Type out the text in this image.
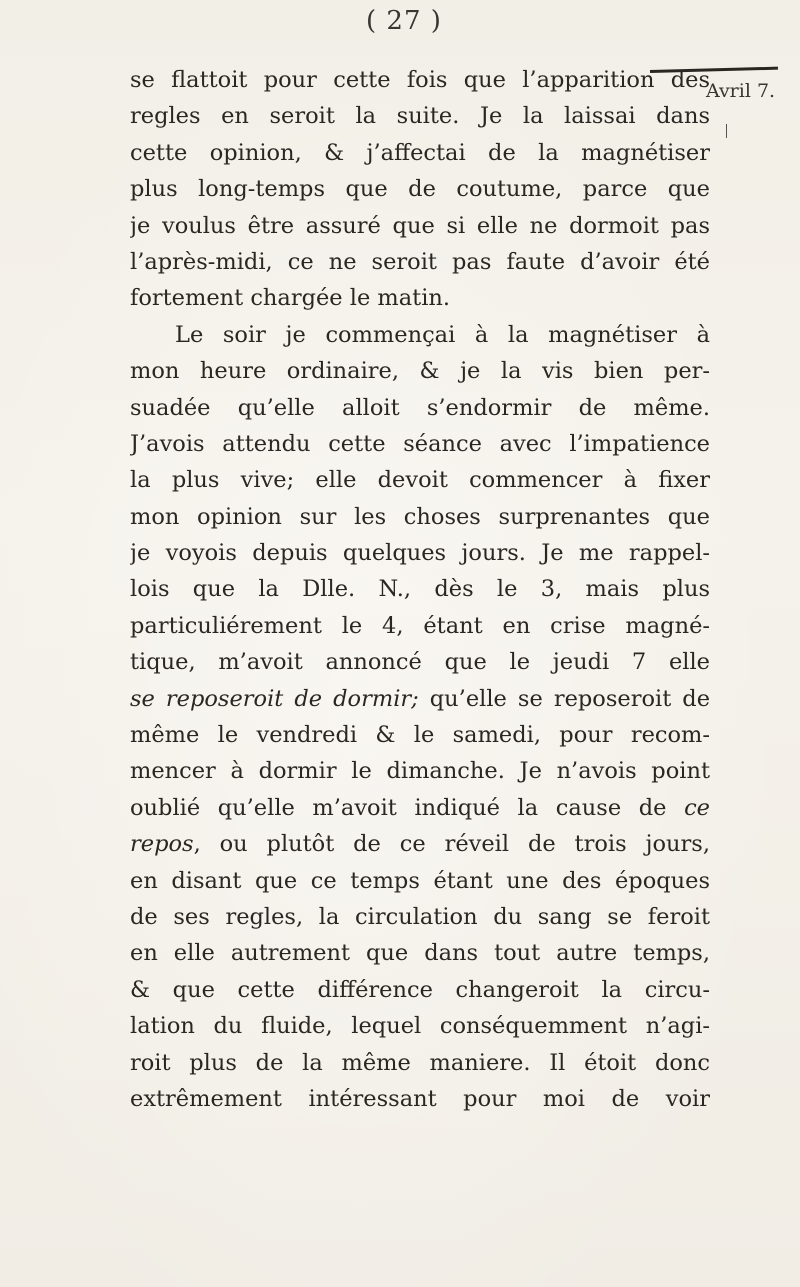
( 27 )
Avril 7.
se flattoit pour cette fois que l’apparition des
regles en seroit la suite. Je la laissai dans
cette opinion, & j’affectai de la magnétiser
plus long-temps que de coutume, parce que
je voulus être assuré que si elle ne dormoit pas
l’après-midi, ce ne seroit pas faute d’avoir été
fortement chargée le matin.
Le soir je commençai à la magnétiser à
mon heure ordinaire, & je la vis bien per-
suadée qu’elle alloit s’endormir de même.
J’avois attendu cette séance avec l’impatience
la plus vive; elle devoit commencer à fixer
mon opinion sur les choses surprenantes que
je voyois depuis quelques jours. Je me rappel-
lois que la Dlle. N., dès le 3, mais plus
particuliérement le 4, étant en crise magné-
tique, m’avoit annoncé que le jeudi 7 elle
se reposeroit de dormir; qu’elle se reposeroit de
même le vendredi & le samedi, pour recom-
mencer à dormir le dimanche. Je n’avois point
oublié qu’elle m’avoit indiqué la cause de ce
repos, ou plutôt de ce réveil de trois jours,
en disant que ce temps étant une des époques
de ses regles, la circulation du sang se feroit
en elle autrement que dans tout autre temps,
& que cette différence changeroit la circu-
lation du fluide, lequel conséquemment n’agi-
roit plus de la même maniere. Il étoit donc
extrêmement intéressant pour moi de voir
